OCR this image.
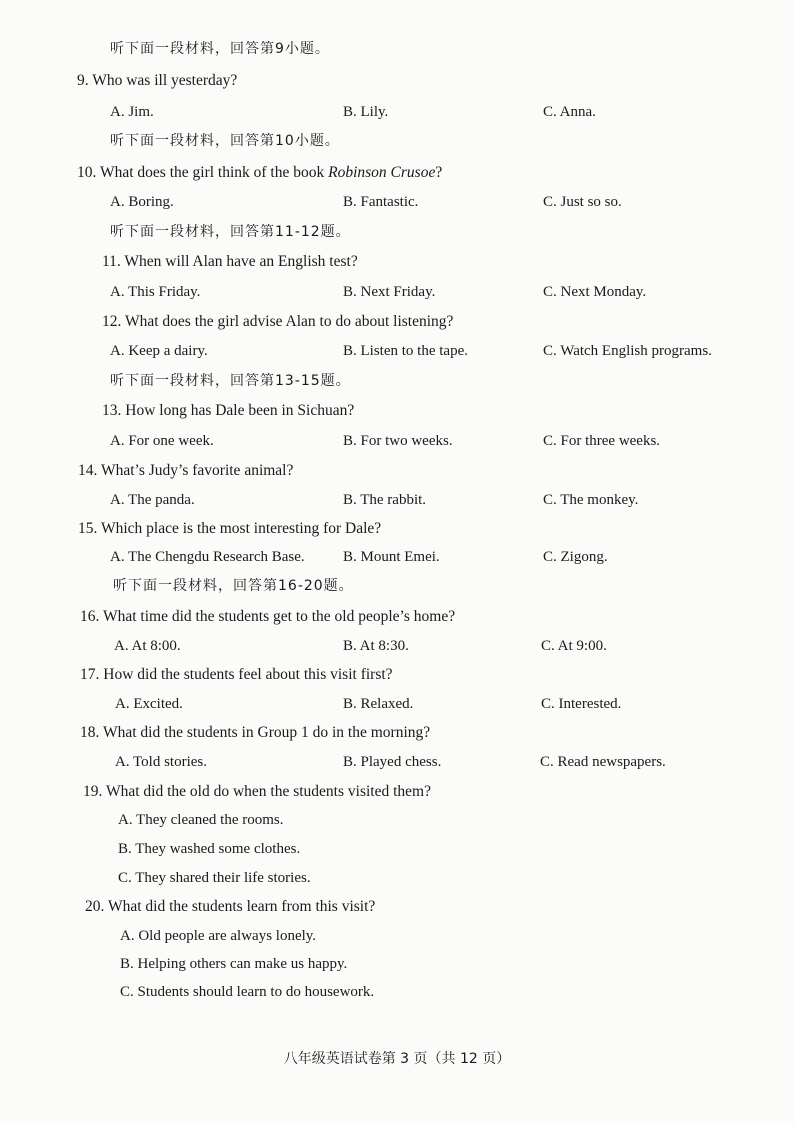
听下面一段材料，回答第9小题。
9. Who was ill yesterday?
A. Jim.	B. Lily.	C. Anna.
听下面一段材料，回答第10小题。
10. What does the girl think of the book Robinson Crusoe?
A. Boring.	B. Fantastic.	C. Just so so.
听下面一段材料，回答第11-12题。
11. When will Alan have an English test?
A. This Friday.	B. Next Friday.	C. Next Monday.
12. What does the girl advise Alan to do about listening?
A. Keep a dairy.	B. Listen to the tape.	C. Watch English programs.
听下面一段材料，回答第13-15题。
13. How long has Dale been in Sichuan?
A. For one week.	B. For two weeks.	C. For three weeks.
14. What’s Judy’s favorite animal?
A. The panda.	B. The rabbit.	C. The monkey.
15. Which place is the most interesting for Dale?
A. The Chengdu Research Base.	B. Mount Emei.	C. Zigong.
听下面一段材料，回答第16-20题。
16. What time did the students get to the old people’s home?
A. At 8:00.	B. At 8:30.	C. At 9:00.
17. How did the students feel about this visit first?
A. Excited.	B. Relaxed.	C. Interested.
18. What did the students in Group 1 do in the morning?
A. Told stories.	B. Played chess.	C. Read newspapers.
19. What did the old do when the students visited them?
A. They cleaned the rooms.
B. They washed some clothes.
C. They shared their life stories.
20. What did the students learn from this visit?
A. Old people are always lonely.
B. Helping others can make us happy.
C. Students should learn to do housework.
八年级英语试卷第 3 页（共 12 页）
